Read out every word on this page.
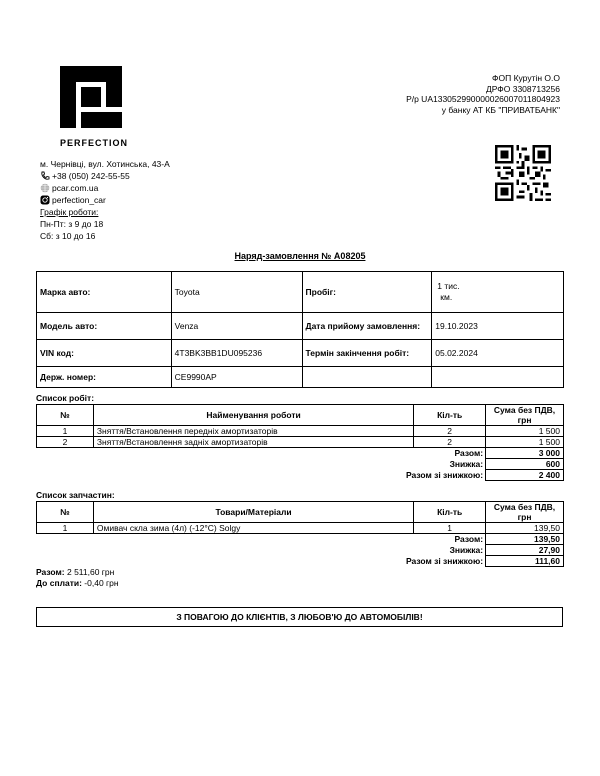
PERFECTION
ФОП Курутін О.О
ДРФО 3308713256
Р/р UA133052990000026007011804923
у банку АТ КБ "ПРИВАТБАНК"
м. Чернівці, вул. Хотинська, 43-А
+38 (050) 242-55-55
pcar.com.ua
perfection_car
Графік роботи:
Пн-Пт: з 9 до 18
Сб: з 10 до 16
Наряд-замовлення № А08205
Марка авто:	Toyota	Пробіг:	1 тис.
км.

Модель авто:	Venza	Дата прийому замовлення:	19.10.2023
VIN код:	4T3BK3BB1DU095236	Термін закінчення робіт:	05.02.2024
Держ. номер:	CE9990AP		
Список робіт:
№	Найменування роботи	Кіл-ть	Сума без ПДВ, грн
1	Зняття/Встановлення передніх амортизаторів	2	1 500
2	Зняття/Встановлення задніх амортизаторів	2	1 500
Разом:			3 000
Знижка:			600
Разом зі знижкою:			2 400
Список запчастин:
№	Товари/Матеріали	Кіл-ть	Сума без ПДВ, грн
1	Омивач скла зима (4л) (-12°С) Solgy	1	139,50
Разом:			139,50
Знижка:			27,90
Разом зі знижкою:			111,60
Разом: 2 511,60 грн
До сплати: -0,40 грн
З ПОВАГОЮ ДО КЛІЄНТІВ, З ЛЮБОВ'Ю ДО АВТОМОБІЛІВ!
